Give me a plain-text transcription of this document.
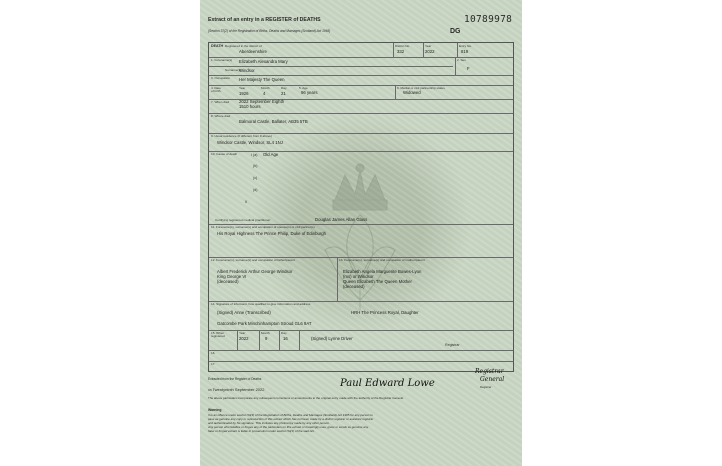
Extract of an entry in a REGISTER of DEATHS
(Section 37(2) of the Registration of Births, Deaths and Marriages (Scotland) Act 1965)
10789978
DG
DEATH Registered in the district of
Aberdeenshire
District No.
332
Year
2022
Entry No.
819
1. Forename(s) Elizabeth Alexandra Mary
Surname(s)
Windsor
2. Sex
F
3. Occupation Her Majesty The Queen
4. Date of birth
Year
1926
Month
4
Day
21
5. Age
96 years
6. Marital or civil partnership status
Widowed
7. When died 2022 September Eighth
1510 hours
8. Where died
Balmoral Castle, Ballater, AB35 5TB
9. Usual residence (if different from 8 above)
Windsor Castle, Windsor, SL4 1NJ
10. Cause of death	I (a) Old Age
(b)
(c)
(d)
II
Certifying registered medical practitioner	Douglas James Allan Glass
11. Forename(s), surname(s) and occupation of spouse(s) or civil partner(s)
His Royal Highness The Prince Philip, Duke of Edinburgh
12. Forename(s), surname(s) and occupation of father/parent
Albert Frederick Arthur George Windsor
King George VI
(deceased)
13. Forename(s), surname(s) and occupation of mother/parent
Elizabeth Angela Marguerite Bowes-Lyon
(ms) or Windsor
Queen Elizabeth The Queen Mother
(deceased)
14. Signature of informant, how qualified to give information and address
(Signed) Anne (Transcribed)	HRH The Princess Royal, Daughter
Gatcombe Park Minchinhampton Stroud GL6 9AT
15. When registered
Year
2022
Month
9
Day
16	(Signed) Lynne Driver
Registrar
16.
17.
Extracted from the Register of Deaths
on Twentyninth September 2022
Paul Edward Lowe
Registrar
General
Registrar
The above particulars incorporate any subsequent corrections or amendments to the original entry made with the authority of the Registrar General.
Warning
It is an offence under section 53(3) of the Registration of Births, Deaths and Marriages (Scotland) Act 1965 for any person to
pass as genuine any copy or reproduction of this extract which has not been made by a district registrar or assistant registrar
and authenticated by his signature. This includes any photocopy made by any other person.
Any person who falsifies or forges any of the particulars on this extract or knowingly uses, gives or sends as genuine any
false or forged extract is liable to prosecution under section 53(1) of the said Act.
